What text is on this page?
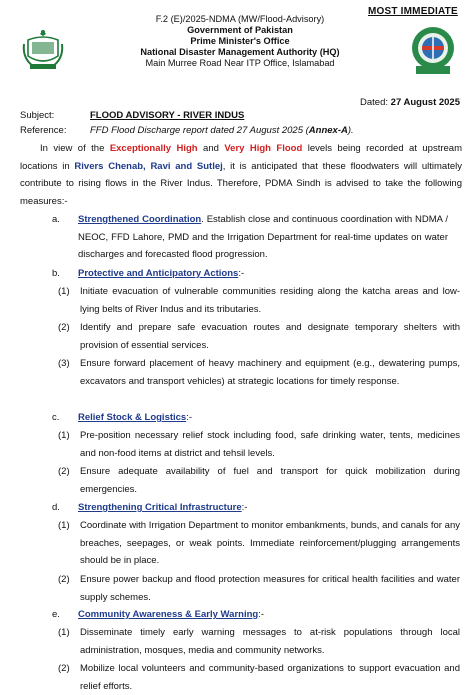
MOST IMMEDIATE
F.2 (E)/2025-NDMA (MW/Flood-Advisory)
Government of Pakistan
Prime Minister's Office
National Disaster Management Authority (HQ)
Main Murree Road Near ITP Office, Islamabad
Dated: 27 August 2025
Subject:	FLOOD ADVISORY - RIVER INDUS
Reference: FFD Flood Discharge report dated 27 August 2025 (Annex-A).
In view of the Exceptionally High and Very High Flood levels being recorded at upstream locations in Rivers Chenab, Ravi and Sutlej, it is anticipated that these floodwaters will ultimately contribute to rising flows in the River Indus. Therefore, PDMA Sindh is advised to take the following measures:-
a. Strengthened Coordination. Establish close and continuous coordination with NDMA / NEOC, FFD Lahore, PMD and the Irrigation Department for real-time updates on water discharges and forecasted flood progression.
b. Protective and Anticipatory Actions:-
(1) Initiate evacuation of vulnerable communities residing along the katcha areas and low-lying belts of River Indus and its tributaries.
(2) Identify and prepare safe evacuation routes and designate temporary shelters with provision of essential services.
(3) Ensure forward placement of heavy machinery and equipment (e.g., dewatering pumps, excavators and transport vehicles) at strategic locations for timely response.
c. Relief Stock & Logistics:-
(1) Pre-position necessary relief stock including food, safe drinking water, tents, medicines and non-food items at district and tehsil levels.
(2) Ensure adequate availability of fuel and transport for quick mobilization during emergencies.
d. Strengthening Critical Infrastructure:-
(1) Coordinate with Irrigation Department to monitor embankments, bunds, and canals for any breaches, seepages, or weak points. Immediate reinforcement/plugging arrangements should be in place.
(2) Ensure power backup and flood protection measures for critical health facilities and water supply schemes.
e. Community Awareness & Early Warning:-
(1) Disseminate timely early warning messages to at-risk populations through local administration, mosques, media and community networks.
(2) Mobilize local volunteers and community-based organizations to support evacuation and relief efforts.
